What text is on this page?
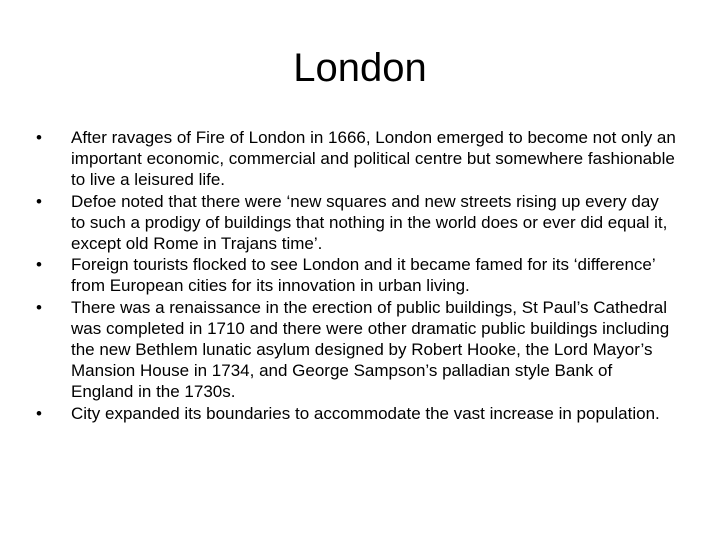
London
•	After ravages of Fire of London in 1666, London emerged to become not only an important economic, commercial and political centre but somewhere fashionable to live a leisured life.
•	Defoe noted that there were ‘new squares and new streets rising up every day to such a prodigy of buildings that nothing in the world does or ever did equal it, except old Rome in Trajans time’.
•	Foreign tourists flocked to see London and it became famed for its ‘difference’ from European cities for its innovation in urban living.
•	There was a renaissance in the erection of public buildings, St Paul’s Cathedral was completed in 1710 and there were other dramatic public buildings including the new Bethlem lunatic asylum designed by Robert Hooke, the Lord Mayor’s Mansion House in 1734, and George Sampson’s palladian style Bank of England in the 1730s.
•	City expanded its boundaries to accommodate the vast increase in population.
